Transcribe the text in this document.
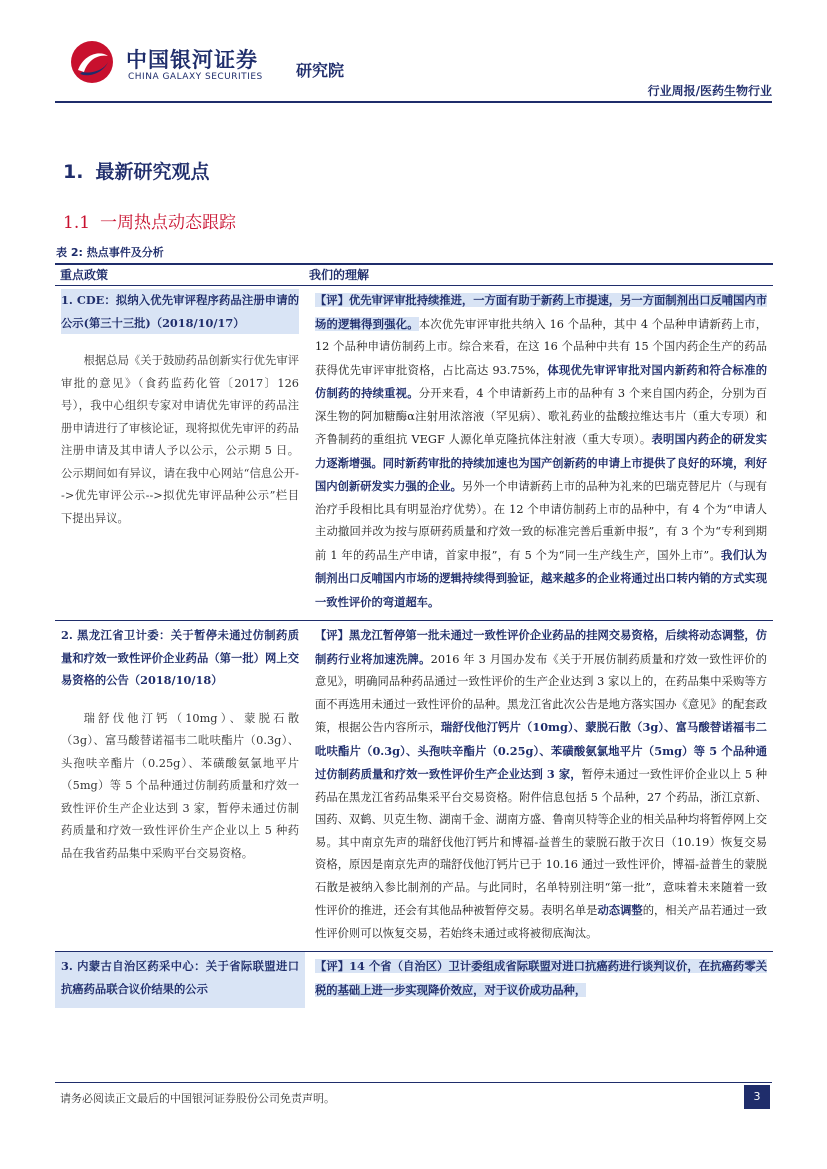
中国银河证券
CHINA GALAXY SECURITIES 研究院
行业周报/医药生物行业
1. 最新研究观点
1.1 一周热点动态跟踪
表 2: 热点事件及分析
重点政策	我们的理解
1. CDE：拟纳入优先审评程序药品注册申请的公示(第三十三批)（2018/10/17）
根据总局《关于鼓励药品创新实行优先审评审批的意见》（食药监药化管〔2017〕126 号），我中心组织专家对申请优先审评的药品注册申请进行了审核论证，现将拟优先审评的药品注册申请及其申请人予以公示，公示期 5 日。公示期间如有异议，请在我中心网站“信息公开-->优先审评公示-->拟优先审评品种公示”栏目下提出异议。
【评】优先审评审批持续推进，一方面有助于新药上市提速，另一方面制剂出口反哺国内市场的逻辑得到强化。本次优先审评审批共纳入 16 个品种，其中 4 个品种申请新药上市，12 个品种申请仿制药上市。综合来看，在这 16 个品种中共有 15 个国内药企生产的药品获得优先审评审批资格，占比高达 93.75%，体现优先审评审批对国内新药和符合标准的仿制药的持续重视。分开来看，4 个申请新药上市的品种有 3 个来自国内药企，分别为百深生物的阿加糖酶α注射用浓溶液（罕见病）、歌礼药业的盐酸拉维达韦片（重大专项）和齐鲁制药的重组抗 VEGF 人源化单克隆抗体注射液（重大专项）。表明国内药企的研发实力逐渐增强。同时新药审批的持续加速也为国产创新药的申请上市提供了良好的环境，利好国内创新研发实力强的企业。另外一个申请新药上市的品种为礼来的巴瑞克替尼片（与现有治疗手段相比具有明显治疗优势）。在 12 个申请仿制药上市的品种中，有 4 个为“申请人主动撤回并改为按与原研药质量和疗效一致的标准完善后重新申报”，有 3 个为“专利到期前 1 年的药品生产申请，首家申报”，有 5 个为“同一生产线生产，国外上市”。我们认为制剂出口反哺国内市场的逻辑持续得到验证，越来越多的企业将通过出口转内销的方式实现一致性评价的弯道超车。
2. 黑龙江省卫计委：关于暂停未通过仿制药质量和疗效一致性评价企业药品（第一批）网上交易资格的公告（2018/10/18）
瑞舒伐他汀钙（10mg）、蒙脱石散（3g）、富马酸替诺福韦二吡呋酯片（0.3g）、头孢呋辛酯片（0.25g）、苯磺酸氨氯地平片（5mg）等 5 个品种通过仿制药质量和疗效一致性评价生产企业达到 3 家，暂停未通过仿制药质量和疗效一致性评价生产企业以上 5 种药品在我省药品集中采购平台交易资格。
【评】黑龙江暂停第一批未通过一致性评价企业药品的挂网交易资格，后续将动态调整，仿制药行业将加速洗牌。2016 年 3 月国办发布《关于开展仿制药质量和疗效一致性评价的意见》，明确同品种药品通过一致性评价的生产企业达到 3 家以上的，在药品集中采购等方面不再选用未通过一致性评价的品种。黑龙江省此次公告是地方落实国办《意见》的配套政策，根据公告内容所示，瑞舒伐他汀钙片（10mg）、蒙脱石散（3g）、富马酸替诺福韦二吡呋酯片（0.3g）、头孢呋辛酯片（0.25g）、苯磺酸氨氯地平片（5mg）等 5 个品种通过仿制药质量和疗效一致性评价生产企业达到 3 家，暂停未通过一致性评价企业以上 5 种药品在黑龙江省药品集采平台交易资格。附件信息包括 5 个品种，27 个药品，浙江京新、国药、双鹤、贝克生物、湖南千金、湖南方盛、鲁南贝特等企业的相关品种均将暂停网上交易。其中南京先声的瑞舒伐他汀钙片和博福-益普生的蒙脱石散于次日（10.19）恢复交易资格，原因是南京先声的瑞舒伐他汀钙片已于 10.16 通过一致性评价，博福-益普生的蒙脱石散是被纳入参比制剂的产品。与此同时，名单特别注明“第一批”，意味着未来随着一致性评价的推进，还会有其他品种被暂停交易。表明名单是动态调整的，相关产品若通过一致性评价则可以恢复交易，若始终未通过或将被彻底淘汰。
3. 内蒙古自治区药采中心：关于省际联盟进口抗癌药品联合议价结果的公示
【评】14 个省（自治区）卫计委组成省际联盟对进口抗癌药进行谈判议价，在抗癌药零关税的基础上进一步实现降价效应，对于议价成功品种，
请务必阅读正文最后的中国银河证券股份公司免责声明。	3
